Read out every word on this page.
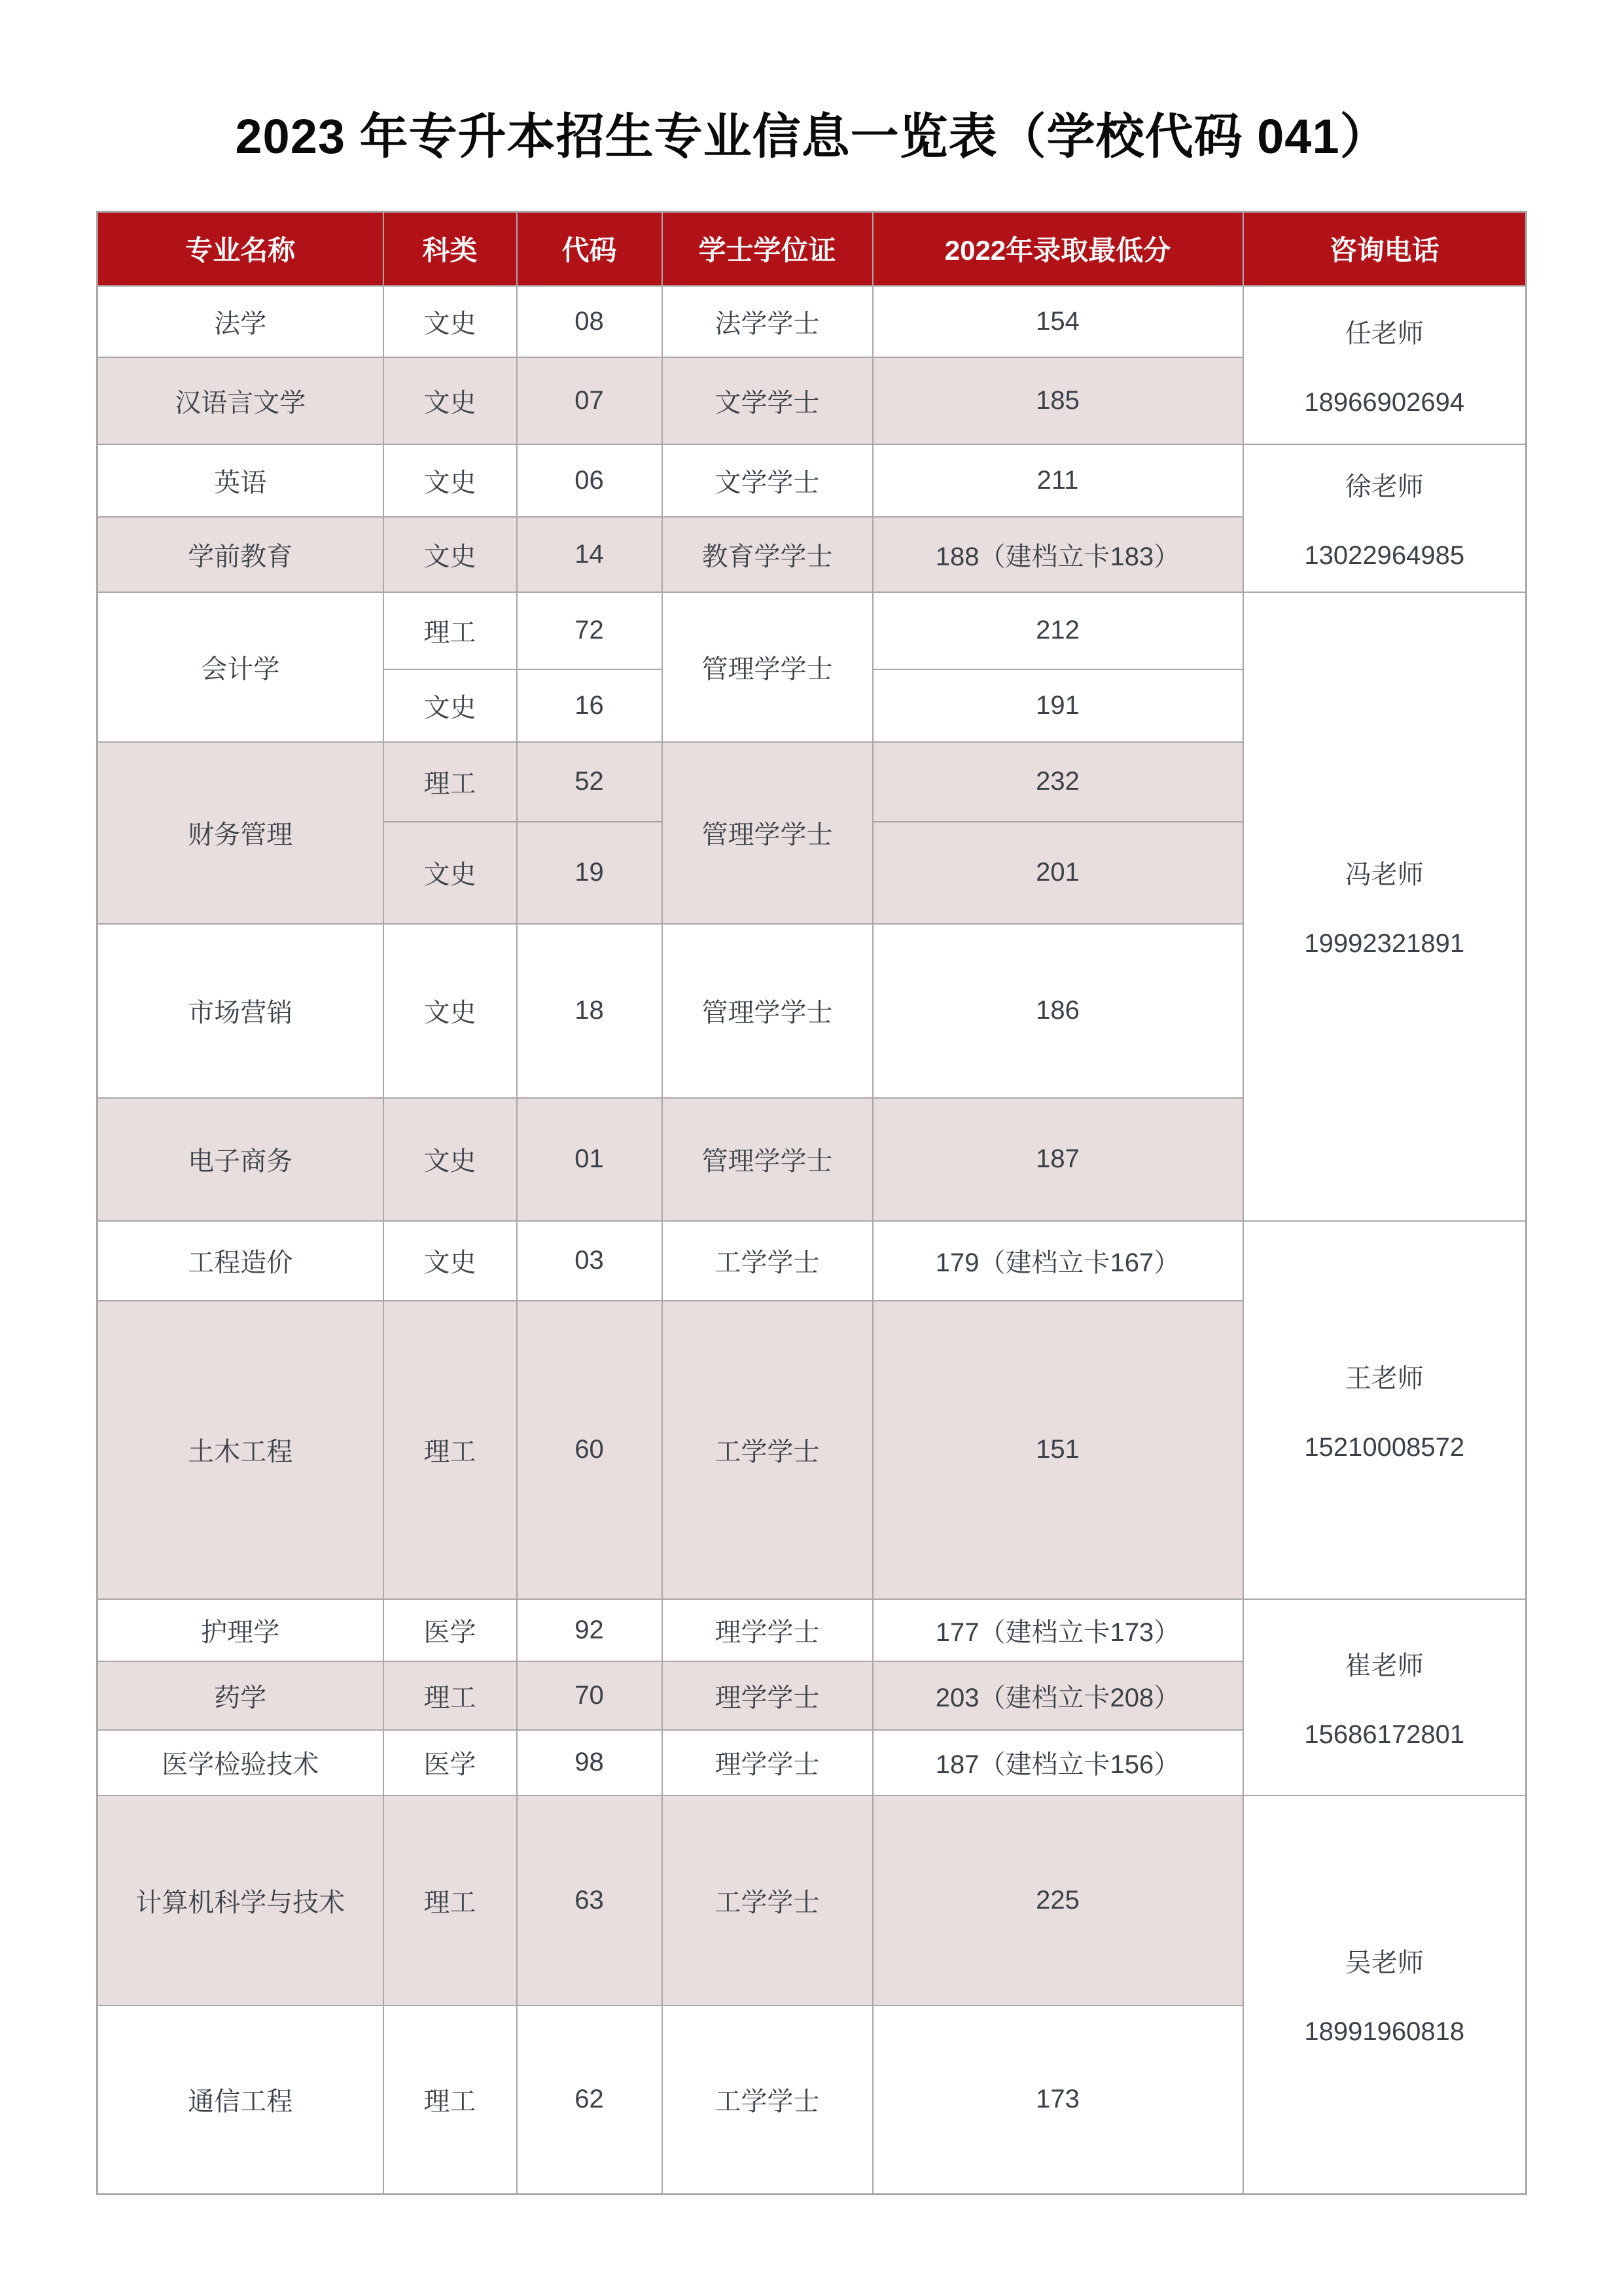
2023 年专升本招生专业信息一览表（学校代码 041）
专业名称	科类	代码	学士学位证	2022年录取最低分	咨询电话
法学	文史	08	法学学士	154	任老师
18966902694

汉语言文学	文史	07	文学学士	185	
英语	文史	06	文学学士	211	徐老师
13022964985

学前教育	文史	14	教育学学士	188（建档立卡183）	
会计学	理工	72	管理学学士	212	冯老师
19992321891

	文史	16		191	
财务管理	理工	52	管理学学士	232	
	文史	19		201	
市场营销	文史	18	管理学学士	186	
电子商务	文史	01	管理学学士	187	
工程造价	文史	03	工学学士	179（建档立卡167）	王老师
15210008572

土木工程	理工	60	工学学士	151	
护理学	医学	92	理学学士	177（建档立卡173）	崔老师
15686172801

药学	理工	70	理学学士	203（建档立卡208）	
医学检验技术	医学	98	理学学士	187（建档立卡156）	
计算机科学与技术	理工	63	工学学士	225	吴老师
18991960818

通信工程	理工	62	工学学士	173	
